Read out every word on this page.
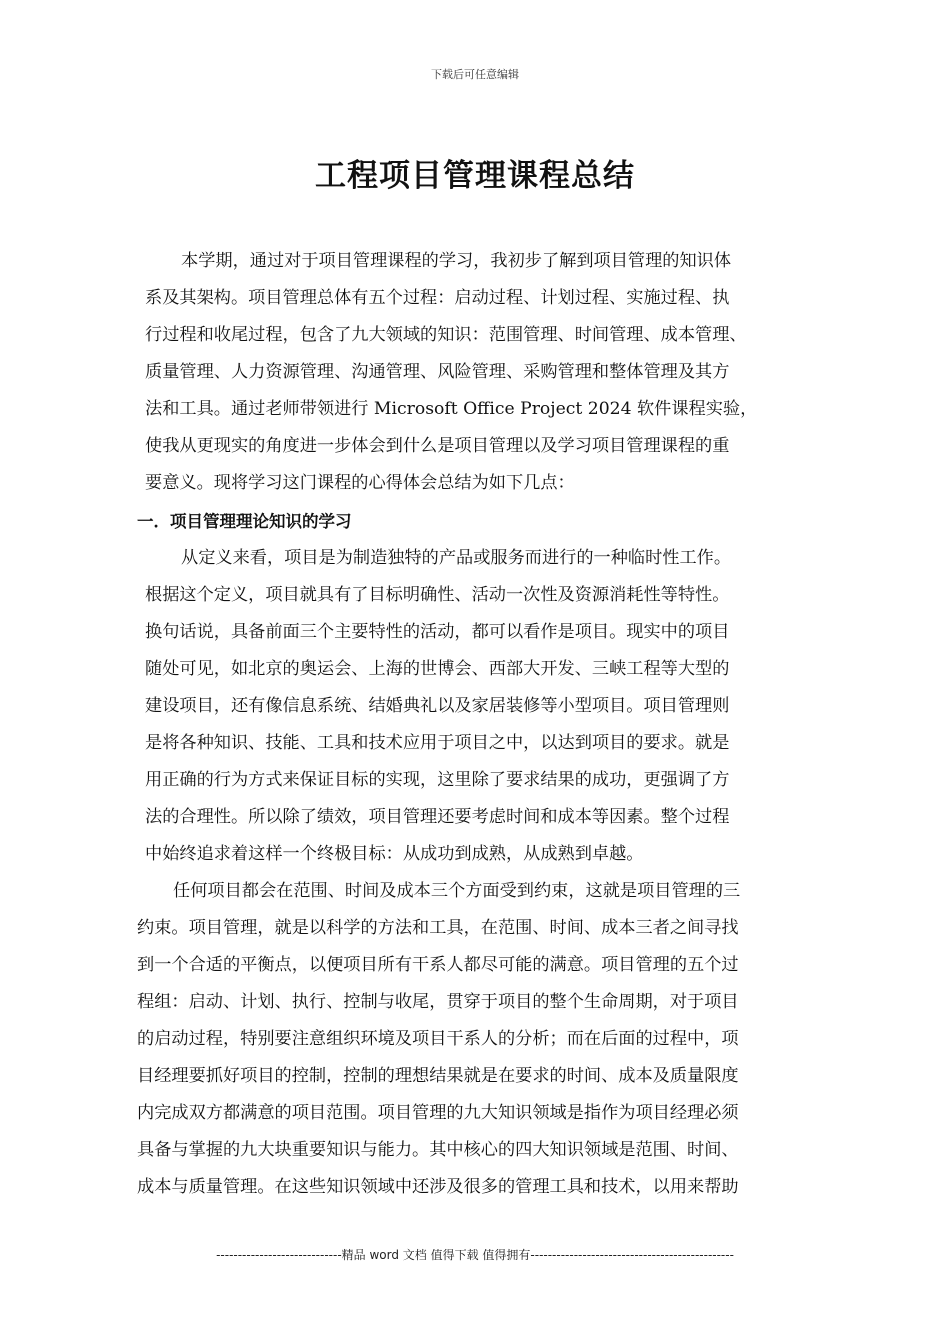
下载后可任意编辑
工程项目管理课程总结
本学期，通过对于项目管理课程的学习，我初步了解到项目管理的知识体
系及其架构。项目管理总体有五个过程：启动过程、计划过程、实施过程、执
行过程和收尾过程，包含了九大领域的知识：范围管理、时间管理、成本管理、
质量管理、人力资源管理、沟通管理、风险管理、采购管理和整体管理及其方
法和工具。通过老师带领进行 Microsoft Office Project 2024 软件课程实验，
使我从更现实的角度进一步体会到什么是项目管理以及学习项目管理课程的重
要意义。现将学习这门课程的心得体会总结为如下几点：
一．项目管理理论知识的学习
从定义来看，项目是为制造独特的产品或服务而进行的一种临时性工作。
根据这个定义，项目就具有了目标明确性、活动一次性及资源消耗性等特性。
换句话说，具备前面三个主要特性的活动，都可以看作是项目。现实中的项目
随处可见，如北京的奥运会、上海的世博会、西部大开发、三峡工程等大型的
建设项目，还有像信息系统、结婚典礼以及家居装修等小型项目。项目管理则
是将各种知识、技能、工具和技术应用于项目之中，以达到项目的要求。就是
用正确的行为方式来保证目标的实现，这里除了要求结果的成功，更强调了方
法的合理性。所以除了绩效，项目管理还要考虑时间和成本等因素。整个过程
中始终追求着这样一个终极目标：从成功到成熟，从成熟到卓越。
任何项目都会在范围、时间及成本三个方面受到约束，这就是项目管理的三
约束。项目管理，就是以科学的方法和工具，在范围、时间、成本三者之间寻找
到一个合适的平衡点，以便项目所有干系人都尽可能的满意。项目管理的五个过
程组：启动、计划、执行、控制与收尾，贯穿于项目的整个生命周期，对于项目
的启动过程，特别要注意组织环境及项目干系人的分析；而在后面的过程中，项
目经理要抓好项目的控制，控制的理想结果就是在要求的时间、成本及质量限度
内完成双方都满意的项目范围。项目管理的九大知识领域是指作为项目经理必须
具备与掌握的九大块重要知识与能力。其中核心的四大知识领域是范围、时间、
成本与质量管理。在这些知识领域中还涉及很多的管理工具和技术，以用来帮助
-----------------------------精品 word 文档 值得下载 值得拥有-----------------------------------------------
